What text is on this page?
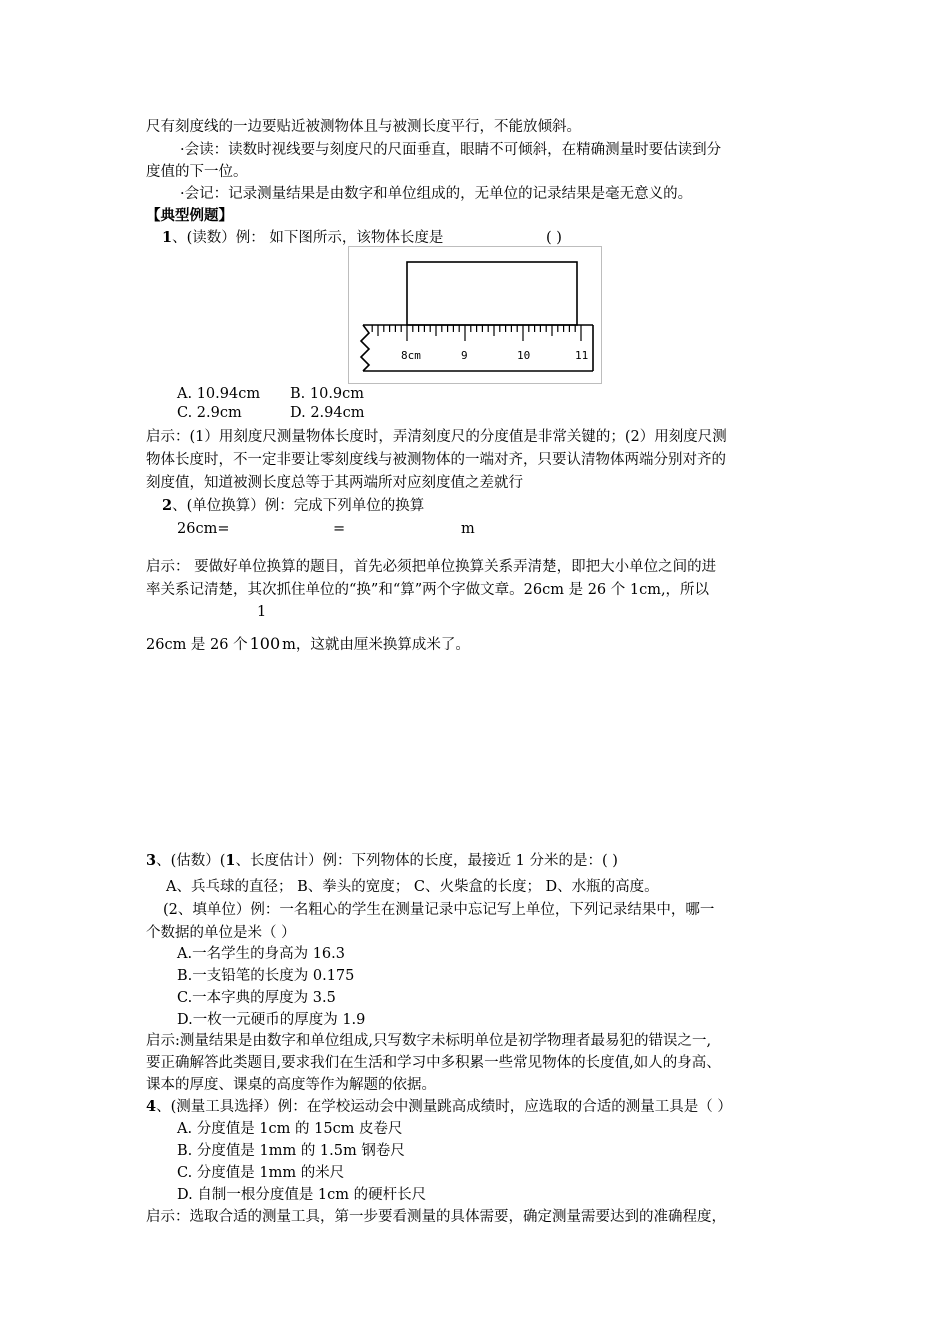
尺有刻度线的一边要贴近被测物体且与被测长度平行，不能放倾斜。
·会读：读数时视线要与刻度尺的尺面垂直，眼睛不可倾斜，在精确测量时要估读到分
度值的下一位。
·会记：记录测量结果是由数字和单位组成的，无单位的记录结果是毫无意义的。
【典型例题】
1、(读数）例： 如下图所示，该物体长度是	( )
8cm	9	10	11
A. 10.94cm B. 10.9cm
C. 2.9cm	D. 2.94cm
启示：(1）用刻度尺测量物体长度时，弄清刻度尺的分度值是非常关键的；(2）用刻度尺测
物体长度时，不一定非要让零刻度线与被测物体的一端对齐，只要认清物体两端分别对齐的
刻度值，知道被测长度总等于其两端所对应刻度值之差就行
2、(单位换算）例：完成下列单位的换算
26cm=	=	m
启示： 要做好单位换算的题目，首先必须把单位换算关系弄清楚，即把大小单位之间的进
率关系记清楚，其次抓住单位的“换”和“算”两个字做文章。26cm 是 26 个 1cm,，所以
1
26cm 是 26 个 100 m，这就由厘米换算成米了。
3、(估数）(1、长度估计）例：下列物体的长度，最接近 1 分米的是：( )
A、兵乓球的直径； B、拳头的宽度； C、火柴盒的长度； D、水瓶的高度。
(2、填单位）例：一名粗心的学生在测量记录中忘记写上单位，下列记录结果中，哪一
个数据的单位是米（ ）
A.一名学生的身高为 16.3
B.一支铅笔的长度为 0.175
C.一本字典的厚度为 3.5
D.一枚一元硬币的厚度为 1.9
启示:测量结果是由数字和单位组成,只写数字未标明单位是初学物理者最易犯的错误之一,
要正确解答此类题目,要求我们在生活和学习中多积累一些常见物体的长度值,如人的身高、
课本的厚度、课桌的高度等作为解题的依据。
4、(测量工具选择）例：在学校运动会中测量跳高成绩时，应选取的合适的测量工具是（ ）
A. 分度值是 1cm 的 15cm 皮卷尺
B. 分度值是 1mm 的 1.5m 钢卷尺
C. 分度值是 1mm 的米尺
D. 自制一根分度值是 1cm 的硬杆长尺
启示：选取合适的测量工具，第一步要看测量的具体需要，确定测量需要达到的准确程度，
